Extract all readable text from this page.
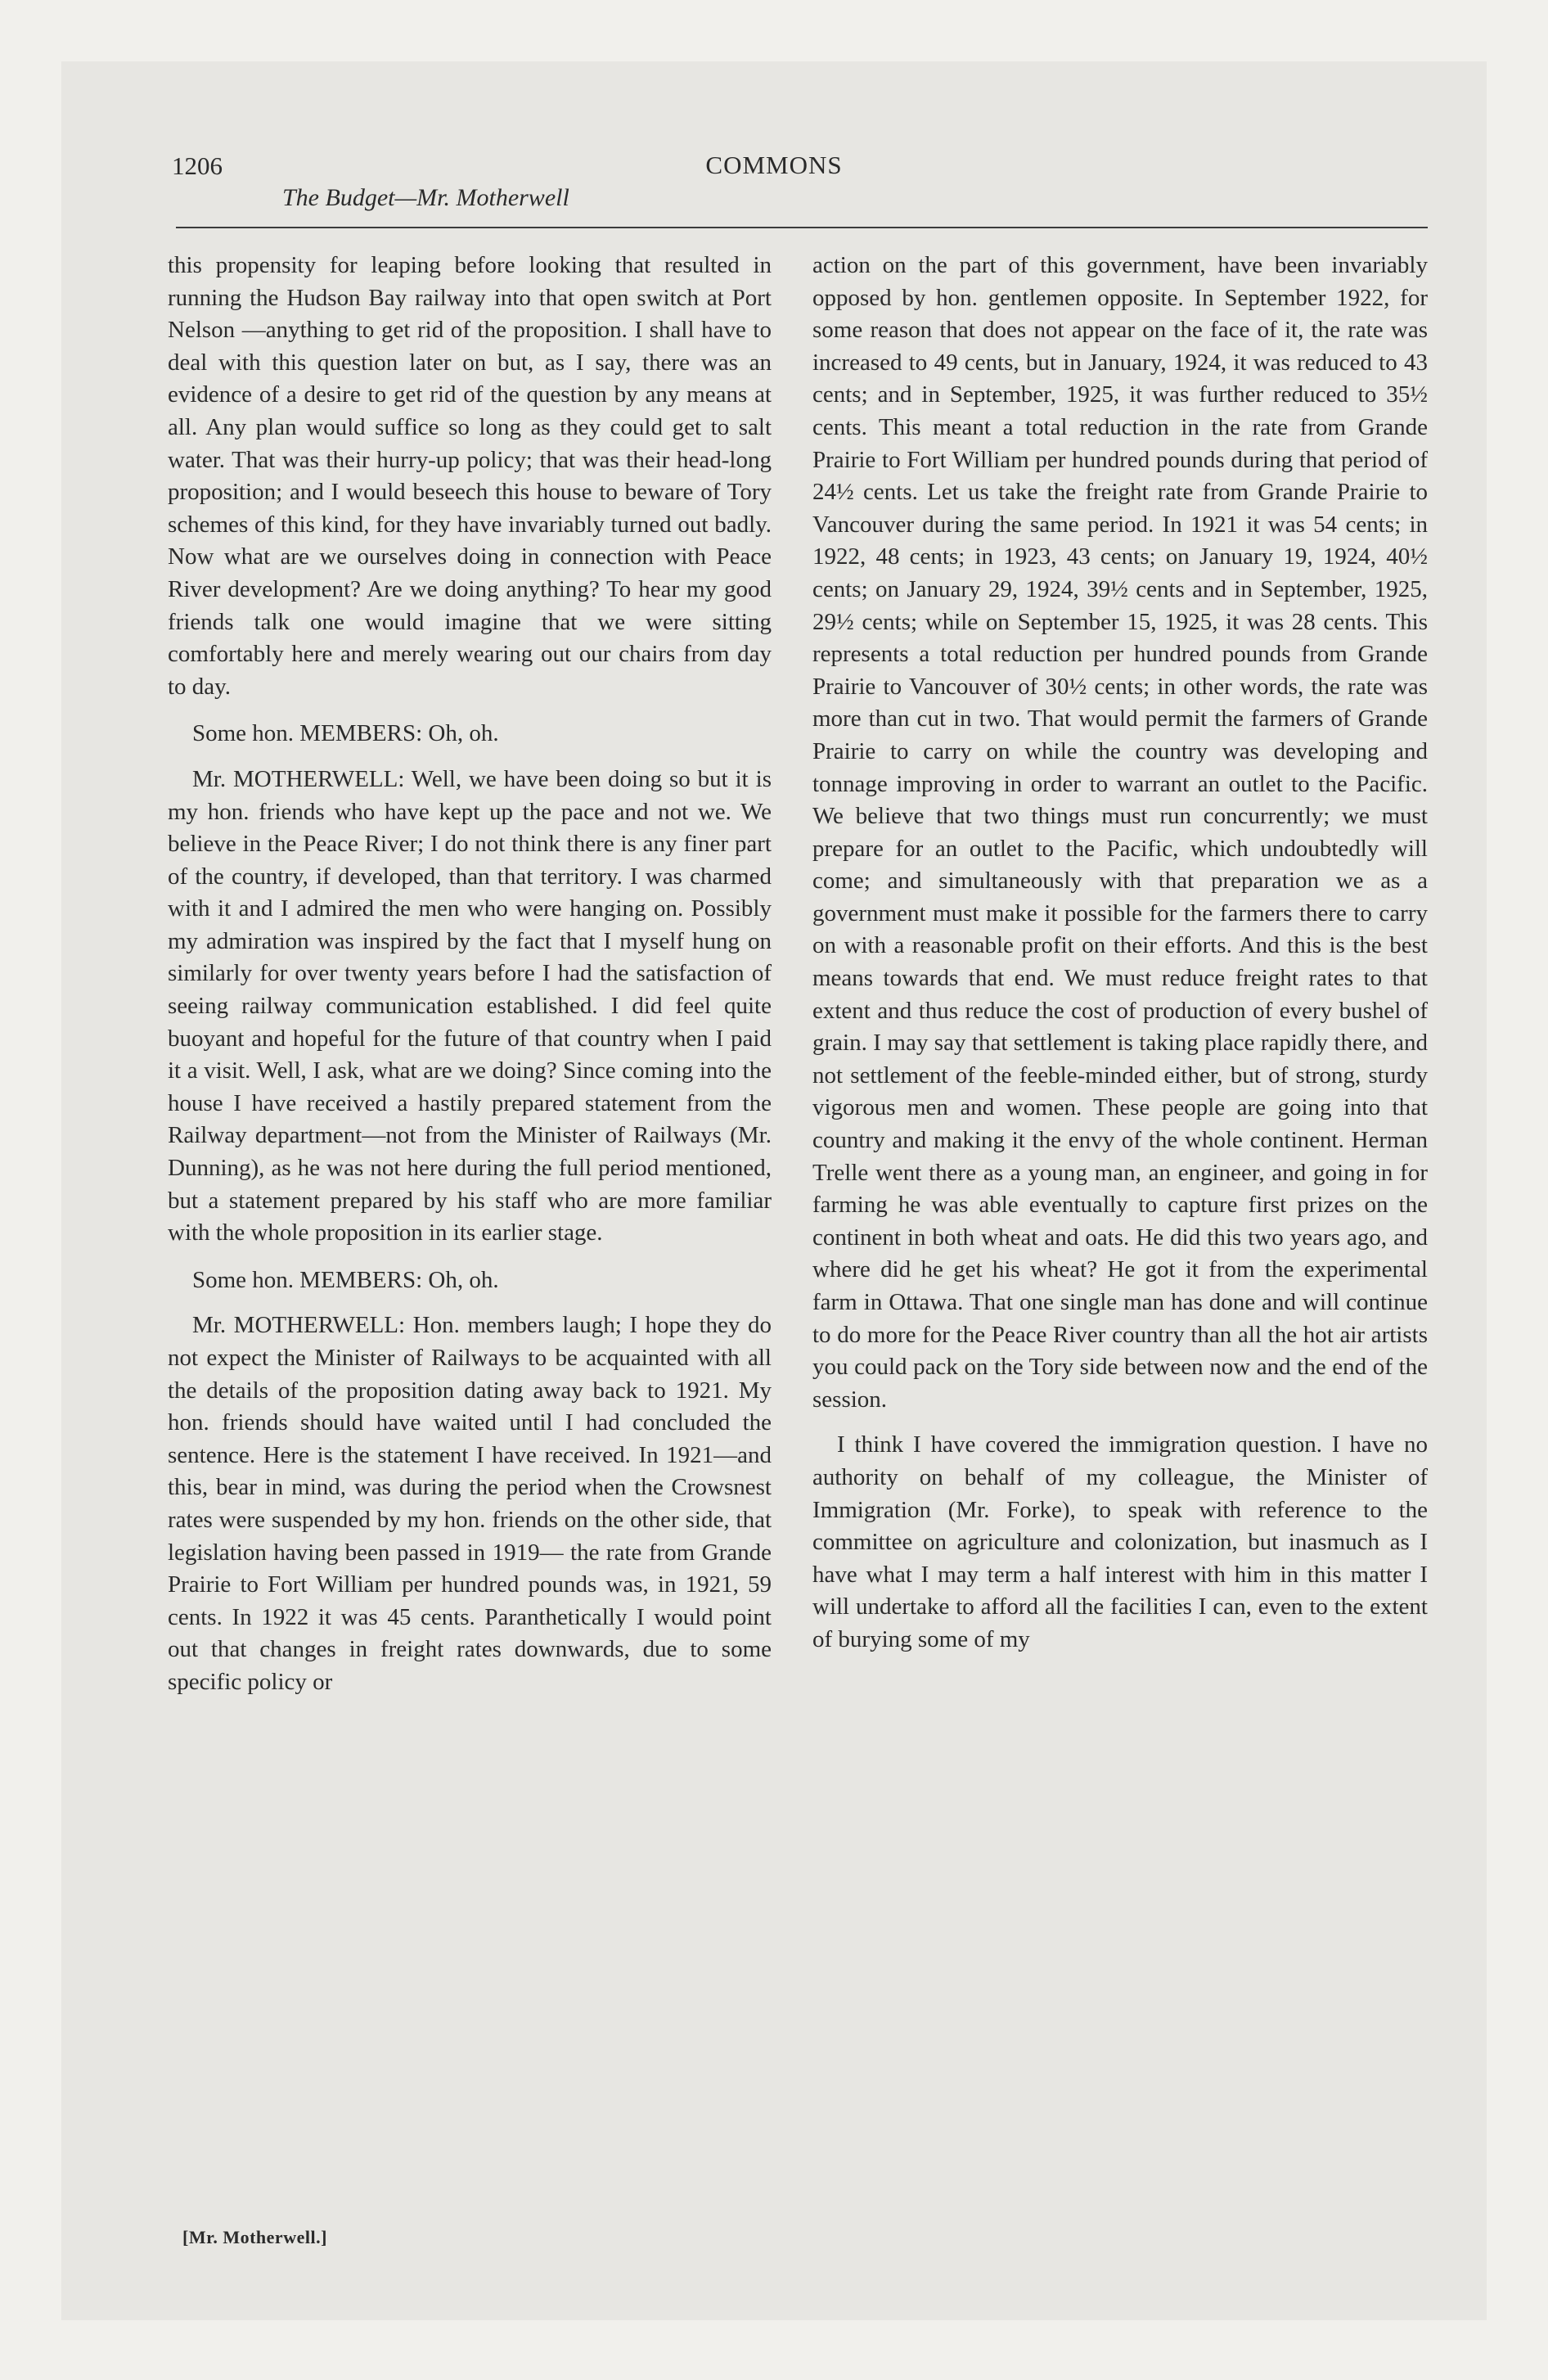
1206	COMMONS
The Budget—Mr. Motherwell

this propensity for leaping before looking that resulted in running the Hudson Bay railway into that open switch at Port Nelson —anything to get rid of the proposition. I shall have to deal with this question later on but, as I say, there was an evidence of a desire to get rid of the question by any means at all. Any plan would suffice so long as they could get to salt water. That was their hurry-up policy; that was their head-long proposition; and I would beseech this house to beware of Tory schemes of this kind, for they have invariably turned out badly. Now what are we ourselves doing in connection with Peace River development? Are we doing anything? To hear my good friends talk one would imagine that we were sitting comfortably here and merely wearing out our chairs from day to day.

Some hon. MEMBERS: Oh, oh.

Mr. MOTHERWELL: Well, we have been doing so but it is my hon. friends who have kept up the pace and not we. We believe in the Peace River; I do not think there is any finer part of the country, if developed, than that territory. I was charmed with it and I admired the men who were hanging on. Possibly my admiration was inspired by the fact that I myself hung on similarly for over twenty years before I had the satisfaction of seeing railway communication established. I did feel quite buoyant and hopeful for the future of that country when I paid it a visit. Well, I ask, what are we doing? Since coming into the house I have received a hastily prepared statement from the Railway department—not from the Minister of Railways (Mr. Dunning), as he was not here during the full period mentioned, but a statement prepared by his staff who are more familiar with the whole proposition in its earlier stage.

Some hon. MEMBERS: Oh, oh.

Mr. MOTHERWELL: Hon. members laugh; I hope they do not expect the Minister of Railways to be acquainted with all the details of the proposition dating away back to 1921. My hon. friends should have waited until I had concluded the sentence. Here is the statement I have received. In 1921—and this, bear in mind, was during the period when the Crowsnest rates were suspended by my hon. friends on the other side, that legislation having been passed in 1919— the rate from Grande Prairie to Fort William per hundred pounds was, in 1921, 59 cents. In 1922 it was 45 cents. Paranthetically I would point out that changes in freight rates downwards, due to some specific policy or

action on the part of this government, have been invariably opposed by hon. gentlemen opposite. In September 1922, for some reason that does not appear on the face of it, the rate was increased to 49 cents, but in January, 1924, it was reduced to 43 cents; and in September, 1925, it was further reduced to 35½ cents. This meant a total reduction in the rate from Grande Prairie to Fort William per hundred pounds during that period of 24½ cents. Let us take the freight rate from Grande Prairie to Vancouver during the same period. In 1921 it was 54 cents; in 1922, 48 cents; in 1923, 43 cents; on January 19, 1924, 40½ cents; on January 29, 1924, 39½ cents and in September, 1925, 29½ cents; while on September 15, 1925, it was 28 cents. This represents a total reduction per hundred pounds from Grande Prairie to Vancouver of 30½ cents; in other words, the rate was more than cut in two. That would permit the farmers of Grande Prairie to carry on while the country was developing and tonnage improving in order to warrant an outlet to the Pacific. We believe that two things must run concurrently; we must prepare for an outlet to the Pacific, which undoubtedly will come; and simultaneously with that preparation we as a government must make it possible for the farmers there to carry on with a reasonable profit on their efforts. And this is the best means towards that end. We must reduce freight rates to that extent and thus reduce the cost of production of every bushel of grain. I may say that settlement is taking place rapidly there, and not settlement of the feeble-minded either, but of strong, sturdy vigorous men and women. These people are going into that country and making it the envy of the whole continent. Herman Trelle went there as a young man, an engineer, and going in for farming he was able eventually to capture first prizes on the continent in both wheat and oats. He did this two years ago, and where did he get his wheat? He got it from the experimental farm in Ottawa. That one single man has done and will continue to do more for the Peace River country than all the hot air artists you could pack on the Tory side between now and the end of the session.

I think I have covered the immigration question. I have no authority on behalf of my colleague, the Minister of Immigration (Mr. Forke), to speak with reference to the committee on agriculture and colonization, but inasmuch as I have what I may term a half interest with him in this matter I will undertake to afford all the facilities I can, even to the extent of burying some of my

[Mr. Motherwell.]
